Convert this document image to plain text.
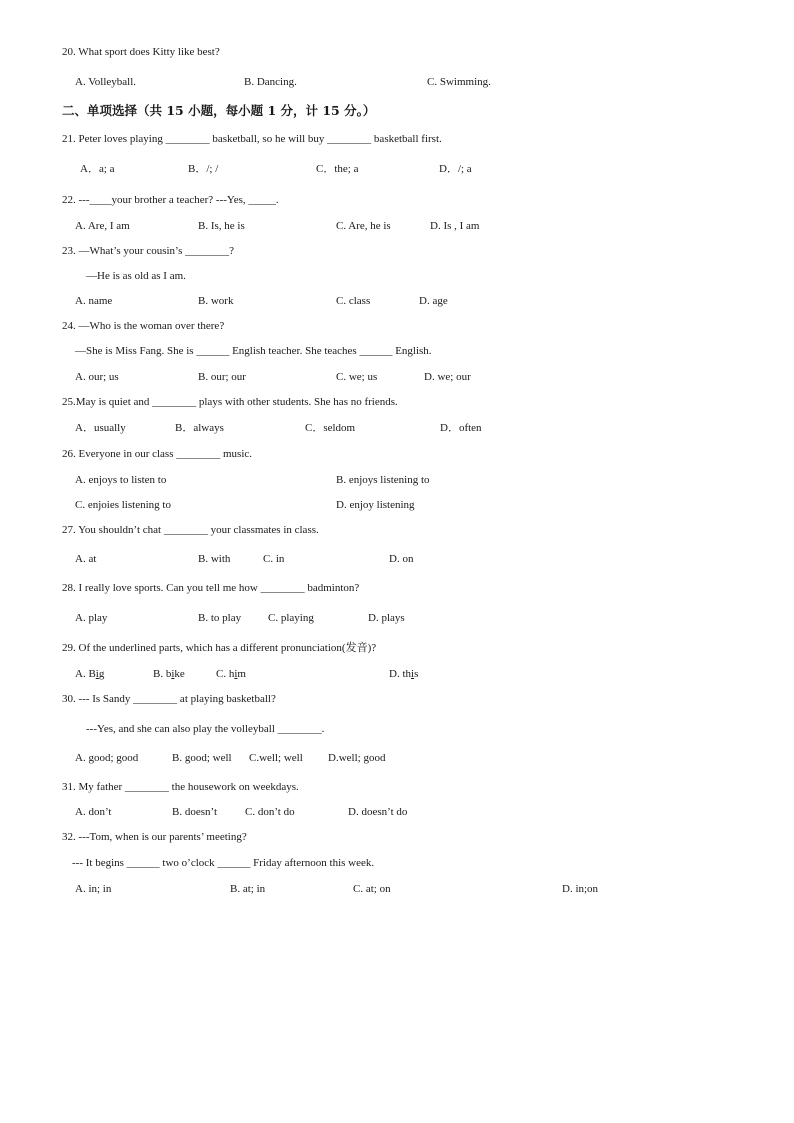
20. What sport does Kitty like best?
A. Volleyball.	B. Dancing.	C. Swimming.
二、单项选择（共 15 小题，每小题 1 分，计 15 分。）
21. Peter loves playing ________ basketball, so he will buy ________ basketball first.
A．a; a	B．/; /	C．the; a	D．/; a
22. ---____your brother a teacher? ---Yes, _____.
A. Are, I am	B. Is, he is	C. Are, he is	D. Is , I am
23. —What’s your cousin’s ________?
—He is as old as I am.
A. name	B. work	C. class	D. age
24. —Who is the woman over there?
—She is Miss Fang. She is ______ English teacher. She teaches ______ English.
A. our; us	B. our; our	C. we; us	D. we; our
25.May is quiet and ________ plays with other students. She has no friends.
A．usually	B．always	C．seldom	D．often
26. Everyone in our class ________ music.
A. enjoys to listen to	B. enjoys listening to
C. enjoies listening to	D. enjoy listening
27. You shouldn’t chat ________ your classmates in class.
A. at	B. with	C. in	D. on
28. I really love sports. Can you tell me how ________ badminton?
A. play	B. to play C. playing	D. plays
29. Of the underlined parts, which has a different pronunciation(发音)?
A. Big	B. bike	C. him	D. this
30. --- Is Sandy ________ at playing basketball?
---Yes, and she can also play the volleyball ________.
A. good; good	B. good; well C.well; well D.well; good
31. My father ________ the housework on weekdays.
A. don’t	B. doesn’t	C. don’t do	D. doesn’t do
32. ---Tom, when is our parents’ meeting?
--- It begins ______ two o’clock ______ Friday afternoon this week.
A. in; in	B. at; in	C. at; on	D. in;on
